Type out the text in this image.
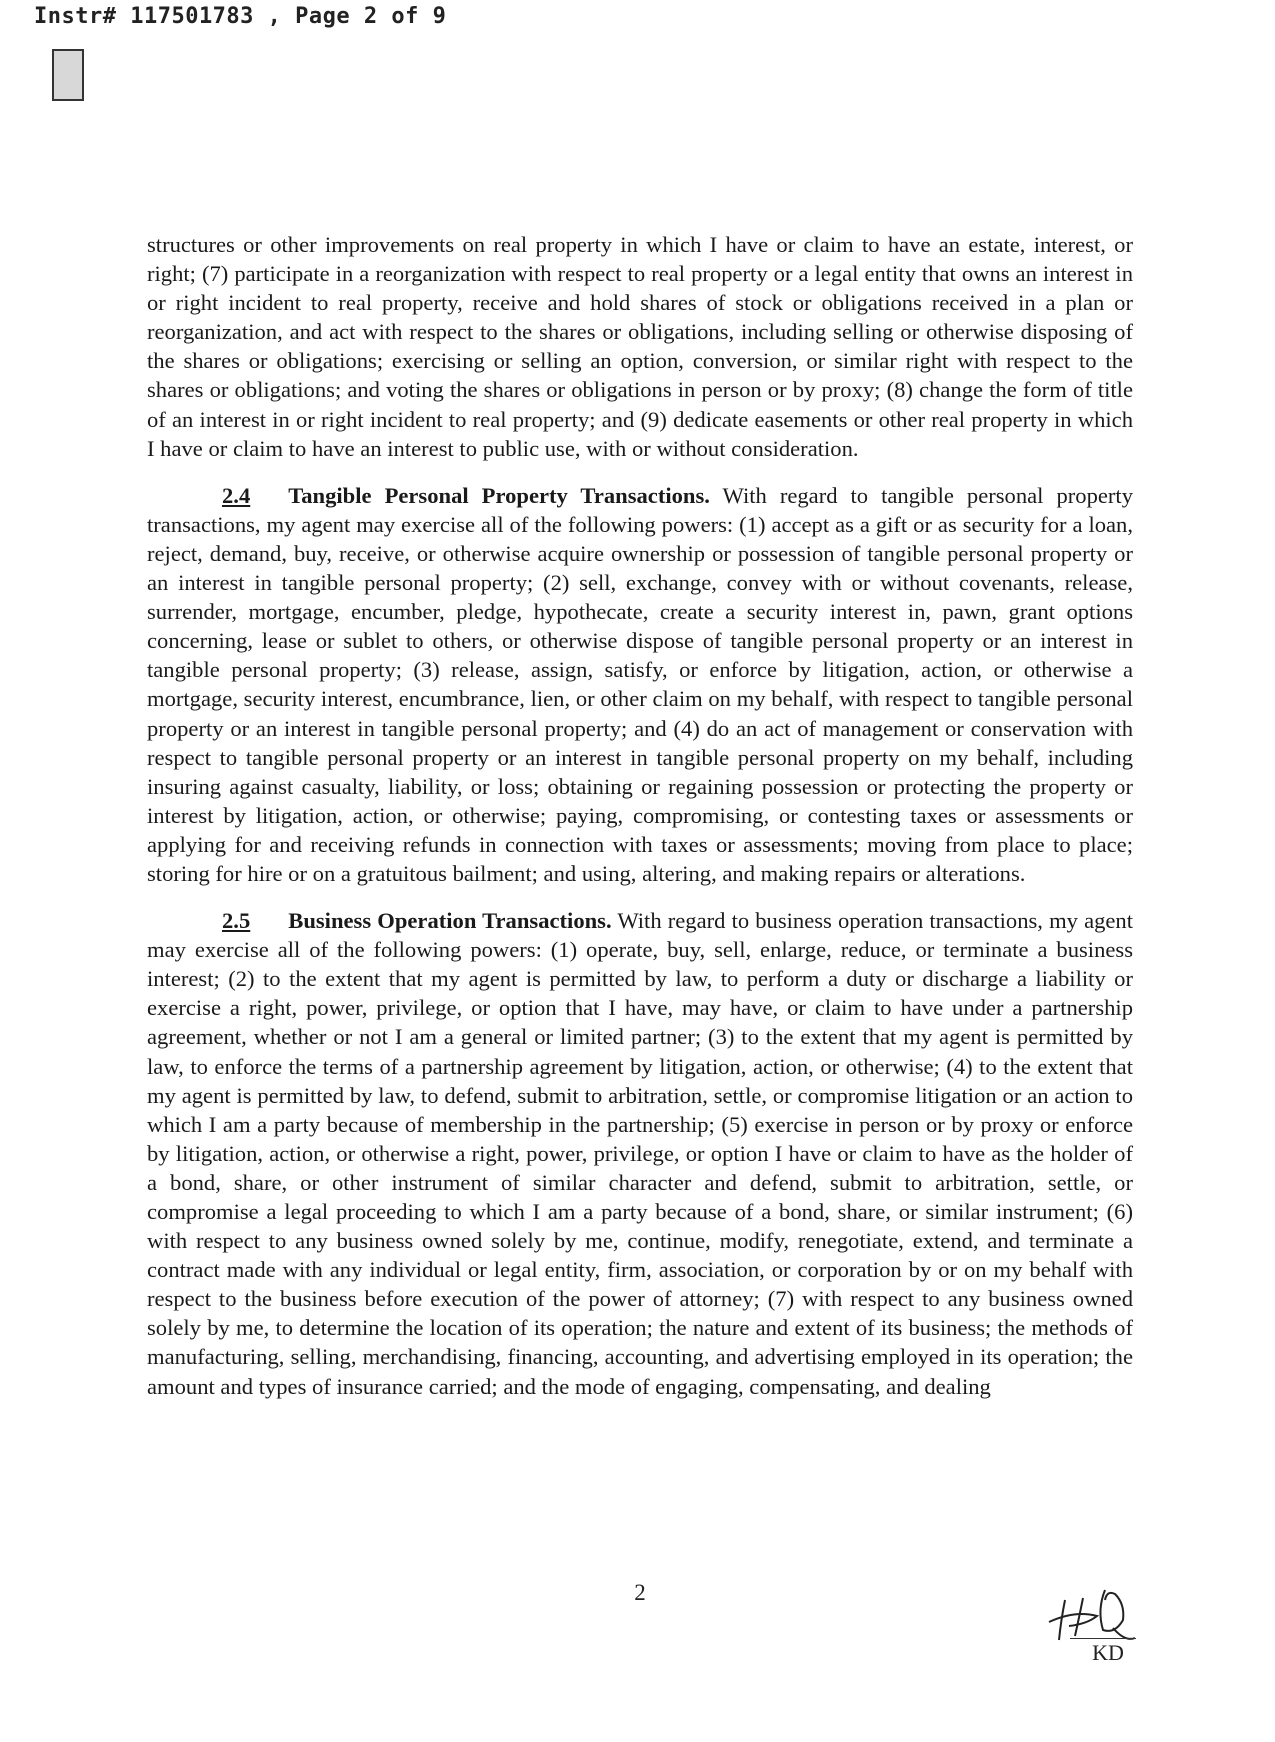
Instr# 117501783 , Page 2 of 9

structures or other improvements on real property in which I have or claim to have an estate, interest, or right; (7) participate in a reorganization with respect to real property or a legal entity that owns an interest in or right incident to real property, receive and hold shares of stock or obligations received in a plan or reorganization, and act with respect to the shares or obligations, including selling or otherwise disposing of the shares or obligations; exercising or selling an option, conversion, or similar right with respect to the shares or obligations; and voting the shares or obligations in person or by proxy; (8) change the form of title of an interest in or right incident to real property; and (9) dedicate easements or other real property in which I have or claim to have an interest to public use, with or without consideration.

2.4 Tangible Personal Property Transactions. With regard to tangible personal property transactions, my agent may exercise all of the following powers: (1) accept as a gift or as security for a loan, reject, demand, buy, receive, or otherwise acquire ownership or possession of tangible personal property or an interest in tangible personal property; (2) sell, exchange, convey with or without covenants, release, surrender, mortgage, encumber, pledge, hypothecate, create a security interest in, pawn, grant options concerning, lease or sublet to others, or otherwise dispose of tangible personal property or an interest in tangible personal property; (3) release, assign, satisfy, or enforce by litigation, action, or otherwise a mortgage, security interest, encumbrance, lien, or other claim on my behalf, with respect to tangible personal property or an interest in tangible personal property; and (4) do an act of management or conservation with respect to tangible personal property or an interest in tangible personal property on my behalf, including insuring against casualty, liability, or loss; obtaining or regaining possession or protecting the property or interest by litigation, action, or otherwise; paying, compromising, or contesting taxes or assessments or applying for and receiving refunds in connection with taxes or assessments; moving from place to place; storing for hire or on a gratuitous bailment; and using, altering, and making repairs or alterations.

2.5 Business Operation Transactions. With regard to business operation transactions, my agent may exercise all of the following powers: (1) operate, buy, sell, enlarge, reduce, or terminate a business interest; (2) to the extent that my agent is permitted by law, to perform a duty or discharge a liability or exercise a right, power, privilege, or option that I have, may have, or claim to have under a partnership agreement, whether or not I am a general or limited partner; (3) to the extent that my agent is permitted by law, to enforce the terms of a partnership agreement by litigation, action, or otherwise; (4) to the extent that my agent is permitted by law, to defend, submit to arbitration, settle, or compromise litigation or an action to which I am a party because of membership in the partnership; (5) exercise in person or by proxy or enforce by litigation, action, or otherwise a right, power, privilege, or option I have or claim to have as the holder of a bond, share, or other instrument of similar character and defend, submit to arbitration, settle, or compromise a legal proceeding to which I am a party because of a bond, share, or similar instrument; (6) with respect to any business owned solely by me, continue, modify, renegotiate, extend, and terminate a contract made with any individual or legal entity, firm, association, or corporation by or on my behalf with respect to the business before execution of the power of attorney; (7) with respect to any business owned solely by me, to determine the location of its operation; the nature and extent of its business; the methods of manufacturing, selling, merchandising, financing, accounting, and advertising employed in its operation; the amount and types of insurance carried; and the mode of engaging, compensating, and dealing

2
KD
